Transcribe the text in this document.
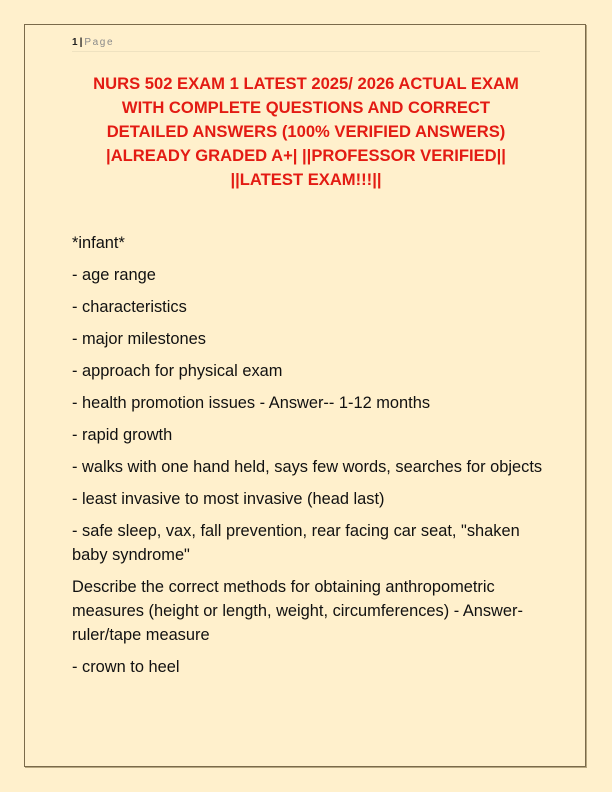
1 | Page
NURS 502 EXAM 1 LATEST 2025/ 2026 ACTUAL EXAM
WITH COMPLETE QUESTIONS AND CORRECT
DETAILED ANSWERS (100% VERIFIED ANSWERS)
|ALREADY GRADED A+| ||PROFESSOR VERIFIED||
||LATEST EXAM!!!||

*infant*

- age range

- characteristics

- major milestones

- approach for physical exam

- health promotion issues - Answer-- 1-12 months

- rapid growth

- walks with one hand held, says few words, searches for objects

- least invasive to most invasive (head last)

- safe sleep, vax, fall prevention, rear facing car seat, "shaken baby syndrome"

Describe the correct methods for obtaining anthropometric measures (height or length, weight, circumferences) - Answer-ruler/tape measure

- crown to heel
